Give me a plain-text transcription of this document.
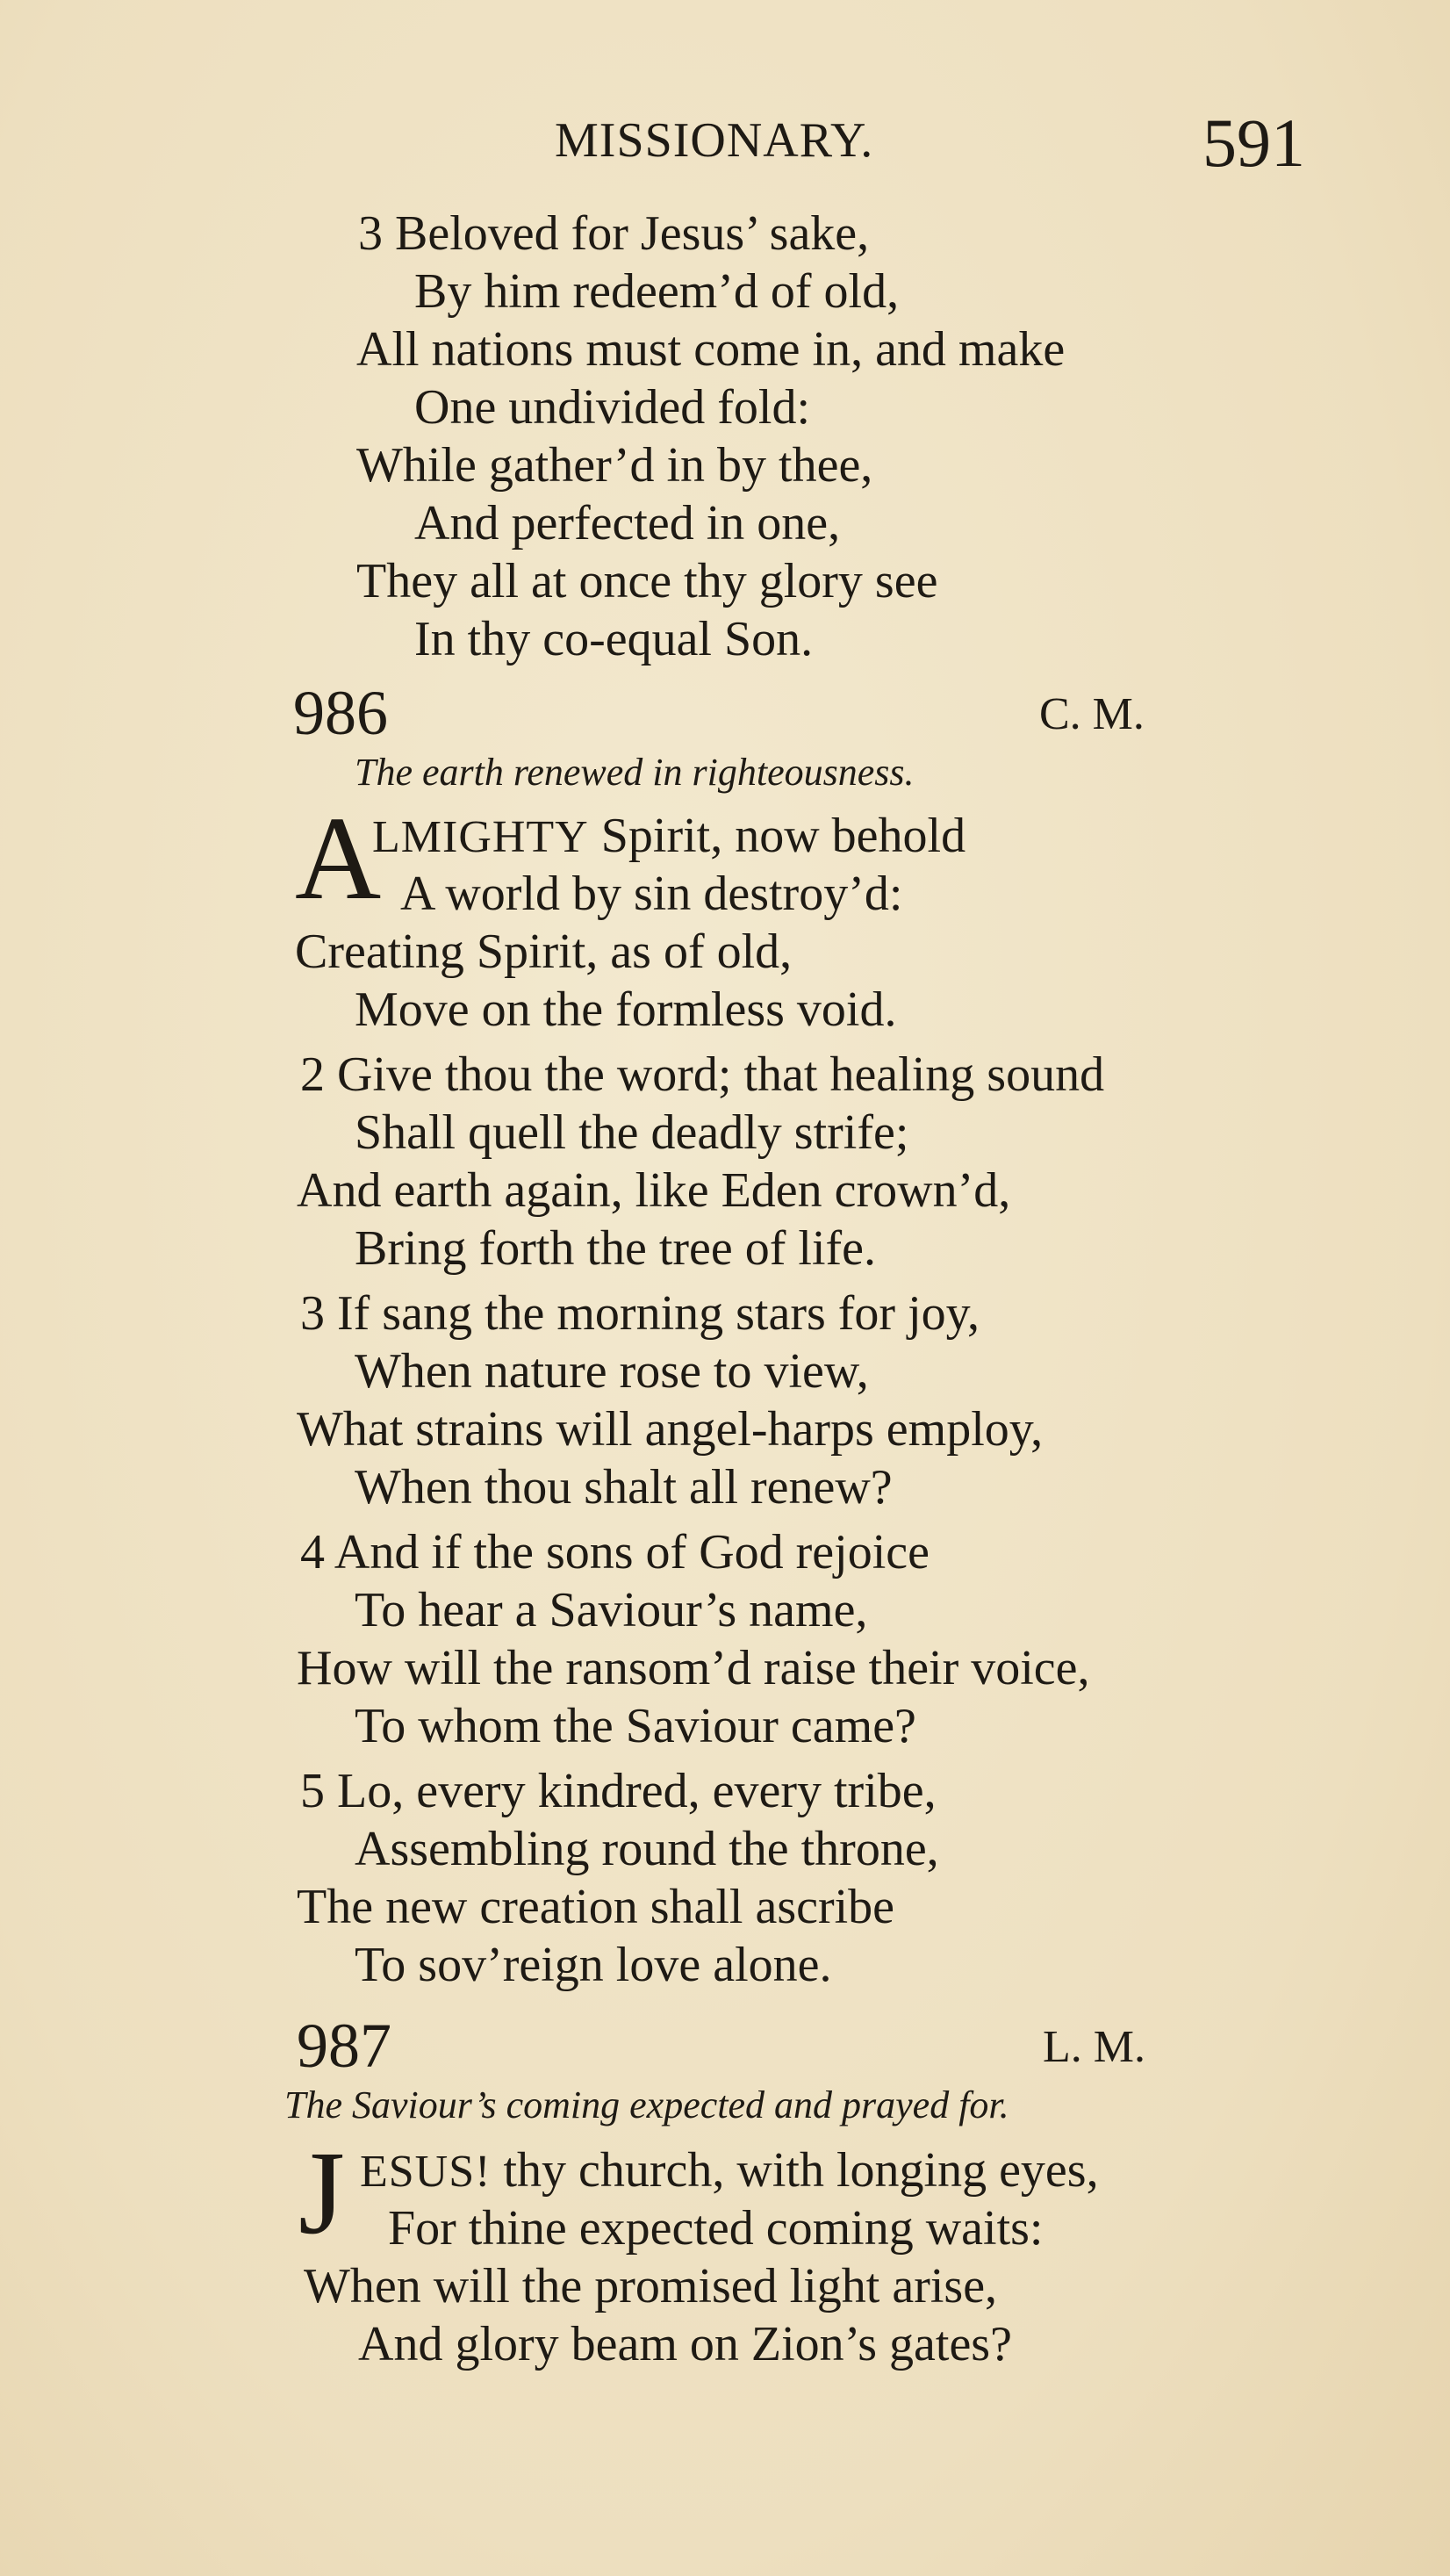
MISSIONARY.	591
3 Beloved for Jesus’ sake,
By him redeem’d of old,
All nations must come in, and make
One undivided fold:
While gather’d in by thee,
And perfected in one,
They all at once thy glory see
In thy co-equal Son.
986	C. M.
The earth renewed in righteousness.
A
LMIGHTY Spirit, now behold
A world by sin destroy’d:
Creating Spirit, as of old,
Move on the formless void.
2 Give thou the word; that healing sound
Shall quell the deadly strife;
And earth again, like Eden crown’d,
Bring forth the tree of life.
3 If sang the morning stars for joy,
When nature rose to view,
What strains will angel-harps employ,
When thou shalt all renew?
4 And if the sons of God rejoice
To hear a Saviour’s name,
How will the ransom’d raise their voice,
To whom the Saviour came?
5 Lo, every kindred, every tribe,
Assembling round the throne,
The new creation shall ascribe
To sov’reign love alone.
987	L. M.
The Saviour’s coming expected and prayed for.
J ESUS! thy church, with longing eyes,
For thine expected coming waits:
When will the promised light arise,
And glory beam on Zion’s gates?
